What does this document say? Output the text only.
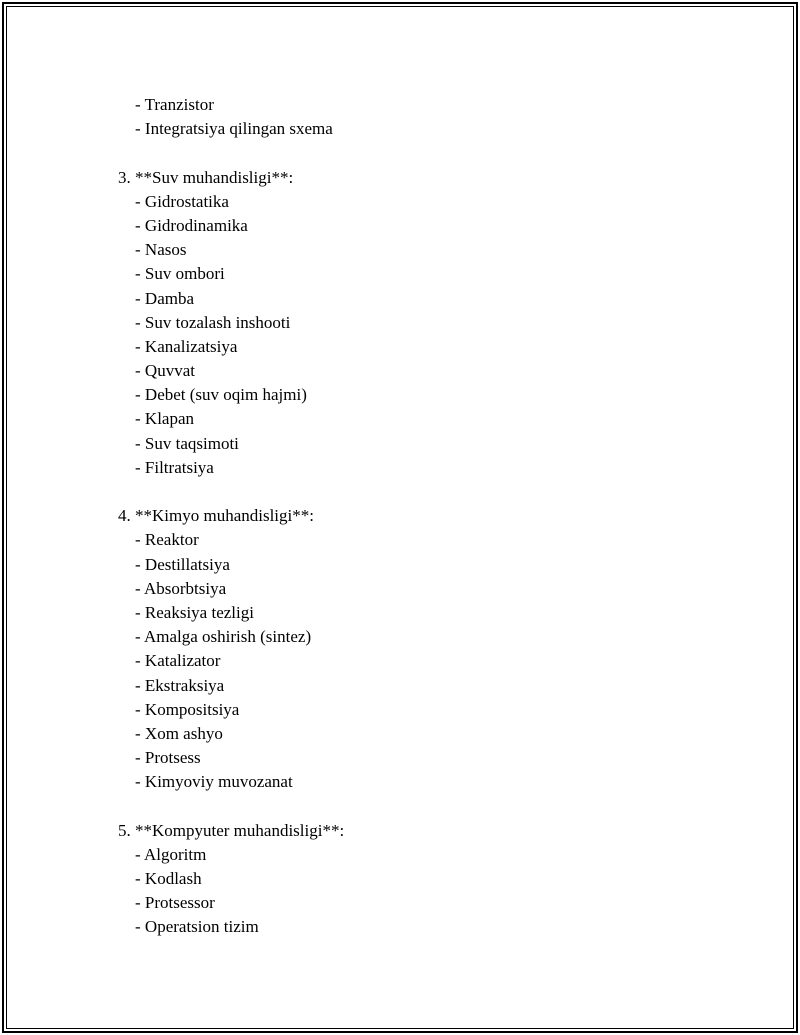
- Tranzistor
- Integratsiya qilingan sxema
3. **Suv muhandisligi**:
- Gidrostatika
- Gidrodinamika
- Nasos
- Suv ombori
- Damba
- Suv tozalash inshooti
- Kanalizatsiya
- Quvvat
- Debet (suv oqim hajmi)
- Klapan
- Suv taqsimoti
- Filtratsiya
4. **Kimyo muhandisligi**:
- Reaktor
- Destillatsiya
- Absorbtsiya
- Reaksiya tezligi
- Amalga oshirish (sintez)
- Katalizator
- Ekstraksiya
- Kompositsiya
- Xom ashyo
- Protsess
- Kimyoviy muvozanat
5. **Kompyuter muhandisligi**:
- Algoritm
- Kodlash
- Protsessor
- Operatsion tizim
